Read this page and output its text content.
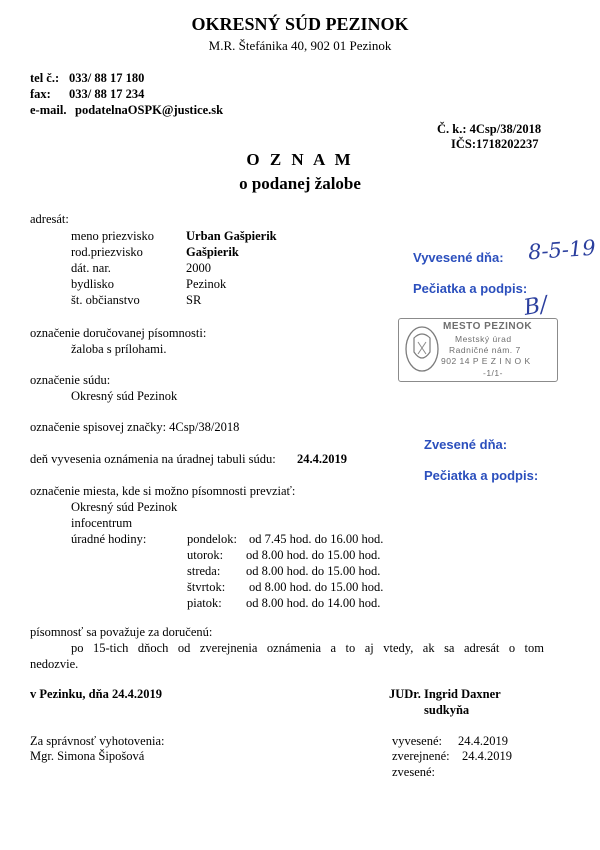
OKRESNÝ SÚD PEZINOK
M.R. Štefánika 40, 902 01 Pezinok
tel č.: 033/ 88 17 180
fax: 033/ 88 17 234
e-mail. podatelnaOSPK@justice.sk
Č. k.: 4Csp/38/2018
IČS:1718202237
O Z N A M
o podanej žalobe
adresát:
meno priezvisko	Urban Gašpierik
rod.priezvisko	Gašpierik
dát. nar.	2000
bydlisko	Pezinok
št. občianstvo	SR
označenie doručovanej písomnosti:
žaloba s prílohami.
označenie súdu:
Okresný súd Pezinok
označenie spisovej značky: 4Csp/38/2018
deň vyvesenia oznámenia na úradnej tabuli súdu: 24.4.2019
označenie miesta, kde si možno písomnosti prevziať:
Okresný súd Pezinok
infocentrum
úradné hodiny:	pondelok: od 7.45 hod. do 16.00 hod.
utorok: od 8.00 hod. do 15.00 hod.
streda: od 8.00 hod. do 15.00 hod.
štvrtok: od 8.00 hod. do 15.00 hod.
piatok: od 8.00 hod. do 14.00 hod.
písomnosť sa považuje za doručenú:
po 15-tich dňoch od zverejnenia oznámenia a to aj vtedy, ak sa adresát o tom
nedozvie.
v Pezinku, dňa 24.4.2019	JUDr. Ingrid Daxner
sudkyňa
Za správnosť vyhotovenia:
Mgr. Simona Šipošová
vyvesené: 24.4.2019
zverejnené: 24.4.2019
zvesené:
Vyvesené dňa: 8-5-19
Pečiatka a podpis:
B/
MESTO PEZINOK
Mestský úrad
Radničné nám. 7
902 14 P E Z I N O K
-1/1-
Zvesené dňa:
Pečiatka a podpis:
